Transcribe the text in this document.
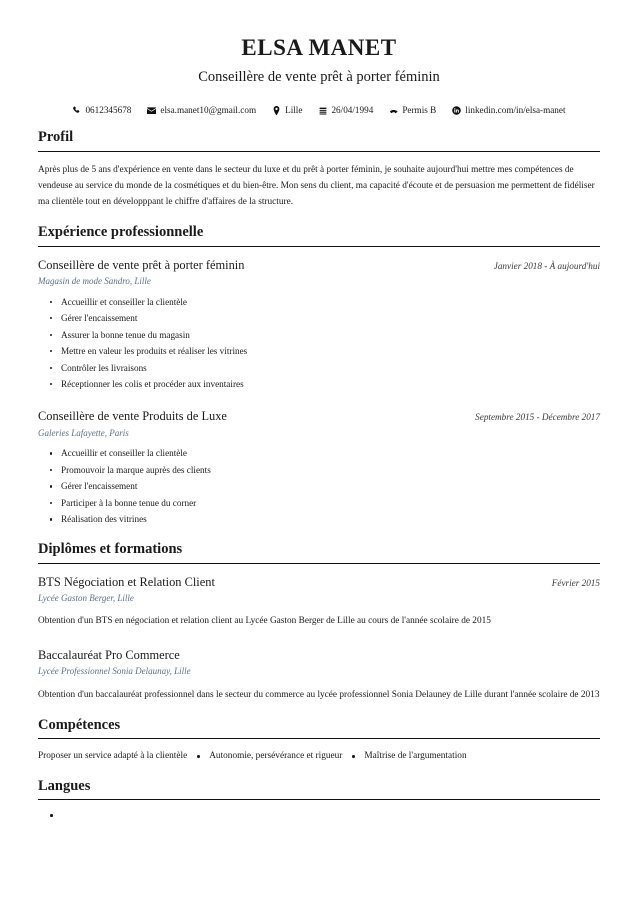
ELSA MANET
Conseillère de vente prêt à porter féminin
0612345678	elsa.manet10@gmail.com	Lille	26/04/1994	Permis B	linkedin.com/in/elsa-manet
Profil

Après plus de 5 ans d'expérience en vente dans le secteur du luxe et du prêt à porter féminin, je souhaite aujourd'hui mettre mes compétences de vendeuse au service du monde de la cosmétiques et du bien-être. Mon sens du client, ma capacité d'écoute et de persuasion me permettent de fidéliser ma clientèle tout en développpant le chiffre d'affaires de la structure.

Expérience professionnelle
Conseillère de vente prêt à porter féminin	Janvier 2018 - À aujourd'hui
Magasin de mode Sandro, Lille
Accueillir et conseiller la clientèle
Gérer l'encaissement
Assurer la bonne tenue du magasin
Mettre en valeur les produits et réaliser les vitrines
Contrôler les livraisons
Réceptionner les colis et procéder aux inventaires
Conseillère de vente Produits de Luxe	Septembre 2015 - Décembre 2017
Galeries Lafayette, Paris
Accueillir et conseiller la clientèle
Promouvoir la marque auprès des clients
Gérer l'encaissement
Participer à la bonne tenue du corner
Réalisation des vitrines
Diplômes et formations
BTS Négociation et Relation Client	Février 2015
Lycée Gaston Berger, Lille

Obtention d'un BTS en négociation et relation client au Lycée Gaston Berger de Lille au cours de l'année scolaire de 2015

Baccalauréat Pro Commerce
Lycée Professionnel Sonia Delaunay, Lille

Obtention d'un baccalauréat professionnel dans le secteur du commerce au lycée professionnel Sonia Delauney de Lille durant l'année scolaire de 2013

Compétences
Proposer un service adapté à la clientèle Autonomie, persévérance et rigueur Maîtrise de l'argumentation
Langues
